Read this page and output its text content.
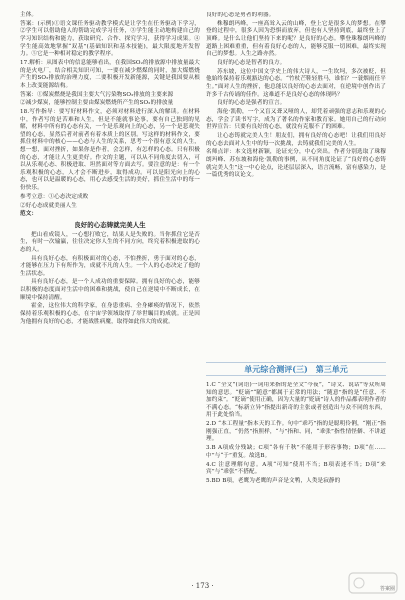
主体。
答案：(示例)①语文课任务驱动教学模式是让学生在任务驱动下学习，②学生可以借助他人的帮助完成学习任务，③学生能主动地构建自己的学习知识结构和能力，获取研究、合作、探究学习，获得学习成果。④学生能高效地掌握“双基”(基础知识和基本技能)，最大限度地开发智力。⑤它是一种相对稳定的教学程序。
17.解析：从图表中的信息能够看出，在我国SO₂的排放源中排放量最大的是火电厂，结合相关知识可知，一要在减少燃煤的同时，加大煤燃烧产生的SO₂排放的治理力度，二要积极开发新能源，关键是我国要从根本上改变能源结构。
答案：①煤炭燃烧是我国主要大气污染物SO₂排放的主要来源
②减少煤炭，能够控制主要由煤炭燃烧所产生的SO₂的排放量
18.写作指导：要写好材料作文，必须对材料进行深入的解读。在材料中，作者写的是苦难和人生，但是不能就事论事，要有自己独到的见解，材料中所有的心态有关，一个是乐观向上的心态，另一个是悲观失望的心态，显然后者对前者有着本质上的区别。写这样的材料作文，要抓住材料中的核心——心态与人生的关系，思考一个很有意义的人生，想一想，面对挫折，如果你是作者，会怎样，有怎样的心态。只有积极的心态，才能让人生更美好。作文的主题，可以从不同角度去切入，可以从乐观心态、积极进取、坦然面对等方面去写。要注意的是：有一个乐观积极的心态，人才会不断进步，取得成功。可以是阳光向上的心态，也可以是温暖的心态，用心去感受生活的美好，抓住生活中的每一份快乐。
参考立意：①心态决定成败
②好心态成就美丽人生
范文：
良好的心态铸就完美人生
把山看成镜人，一心想打败它，结果人是失败的。当你抓住它是否生，有时一次输赢，往往决定你人生的不同方向，终究着积极进取的心态的人。
具有良好心态，有积极面对的心态，不怕挫折，勇于面对的心态，才能够在压力下有所作为，成就不凡的人生。一个人的心态决定了他的生活状态。
具有良好心态，是一个人成功的重要保障。拥有良好的心态，能够以积极的态度面对生活中的困难和挑战，使自己在逆境中不断成长，在顺境中保持清醒。
霍金，这位伟大的科学家，在身患重病、全身瘫痪的情况下，依然保持着乐观积极的心态，在宇宙学领域取得了举世瞩目的成就。正是因为他拥有良好的心态，才能战胜病魔，取得如此伟大的成就。
良好的心态是勇者的利器。
株穆朗玛峰，一座高耸入云的山峰，登上它是很多人的梦想。在攀登的过程中，很多人因为恐惧而放弃，但也有人坚持到底，最终登上了顶峰。是什么让他们坚持下来的呢？是良好的心态。攀登珠穆朗玛峰的道路上困难重重，但有着良好心态的人，能够克服一切困难，最终实现自己的梦想。人生之路亦然。
良好的心态是智者的良方。
苏东坡，这位中国文学史上的伟大诗人，一生坎坷，多次被贬，但他始终保持着乐观豁达的心态。“竹杖芒鞋轻胜马，谁怕？一蓑烟雨任平生。”面对人生的挫折，他总能以良好的心态去面对，在逆境中创作出了许多千古传诵的佳作。这难道不是良好心态的体现吗？
良好的心态是强者的宣言。
海伦·凯勒，一个又盲又聋又哑的人，却凭着顽强的意志和乐观的心态，学会了读书写字，成为了著名的作家和教育家。她用自己的行动向世界宣告：只要有良好的心态，就没有克服不了的困难。
让心态铸就完美人生！朋友们，拥有良好的心态吧！让我们用良好的心态去面对人生中的每一次挑战，去铸就我们完美的人生。
名师点评：本文选材新颖，论证充分，中心突出。作者分别选取了珠穆朗玛峰、苏东坡和海伦·凯勒的事例，从不同角度论证了“良好的心态铸就完美人生”这一中心论点，论述层层深入，语言流畅，富有感染力，是一篇优秀的议论文。
单元综合测评(三) 第三单元
1.C “全文”(词语)一词用来指的是全文“今夜”，“诗文、说话”等众所周知的意思。“贬谪”“随意”都属于正常的用法；“随意”指的是“任意、不加约束”。“贬谪”使用正确，因为大量的“贬谪”诗人的作品都表明作者的不满心态。“标新立异”指提出新奇的主张或者创造出与众不同的东西，用于此处恰当。
2.D “本工程量”指本天的工作。句中“乖巧”指的是聪明伶俐，“刚正”指刚强正直，“仍然”指照样，“与”指和、同，“乖张”指性情怪僻、不讲道理。
3.B A项成分残缺；C项“各有千秋”不能用于形容事物；D项“在……中”与“于”重复。故选B。
4.C 注意理解句意。A项“可知”使用不当；B项表述不当；D项“来宾”与“乖张”不搭配。
5.BD B项，老鹰为老鹰的声音是文鸭，人类是寂静的
· 173 ·	答案圈
